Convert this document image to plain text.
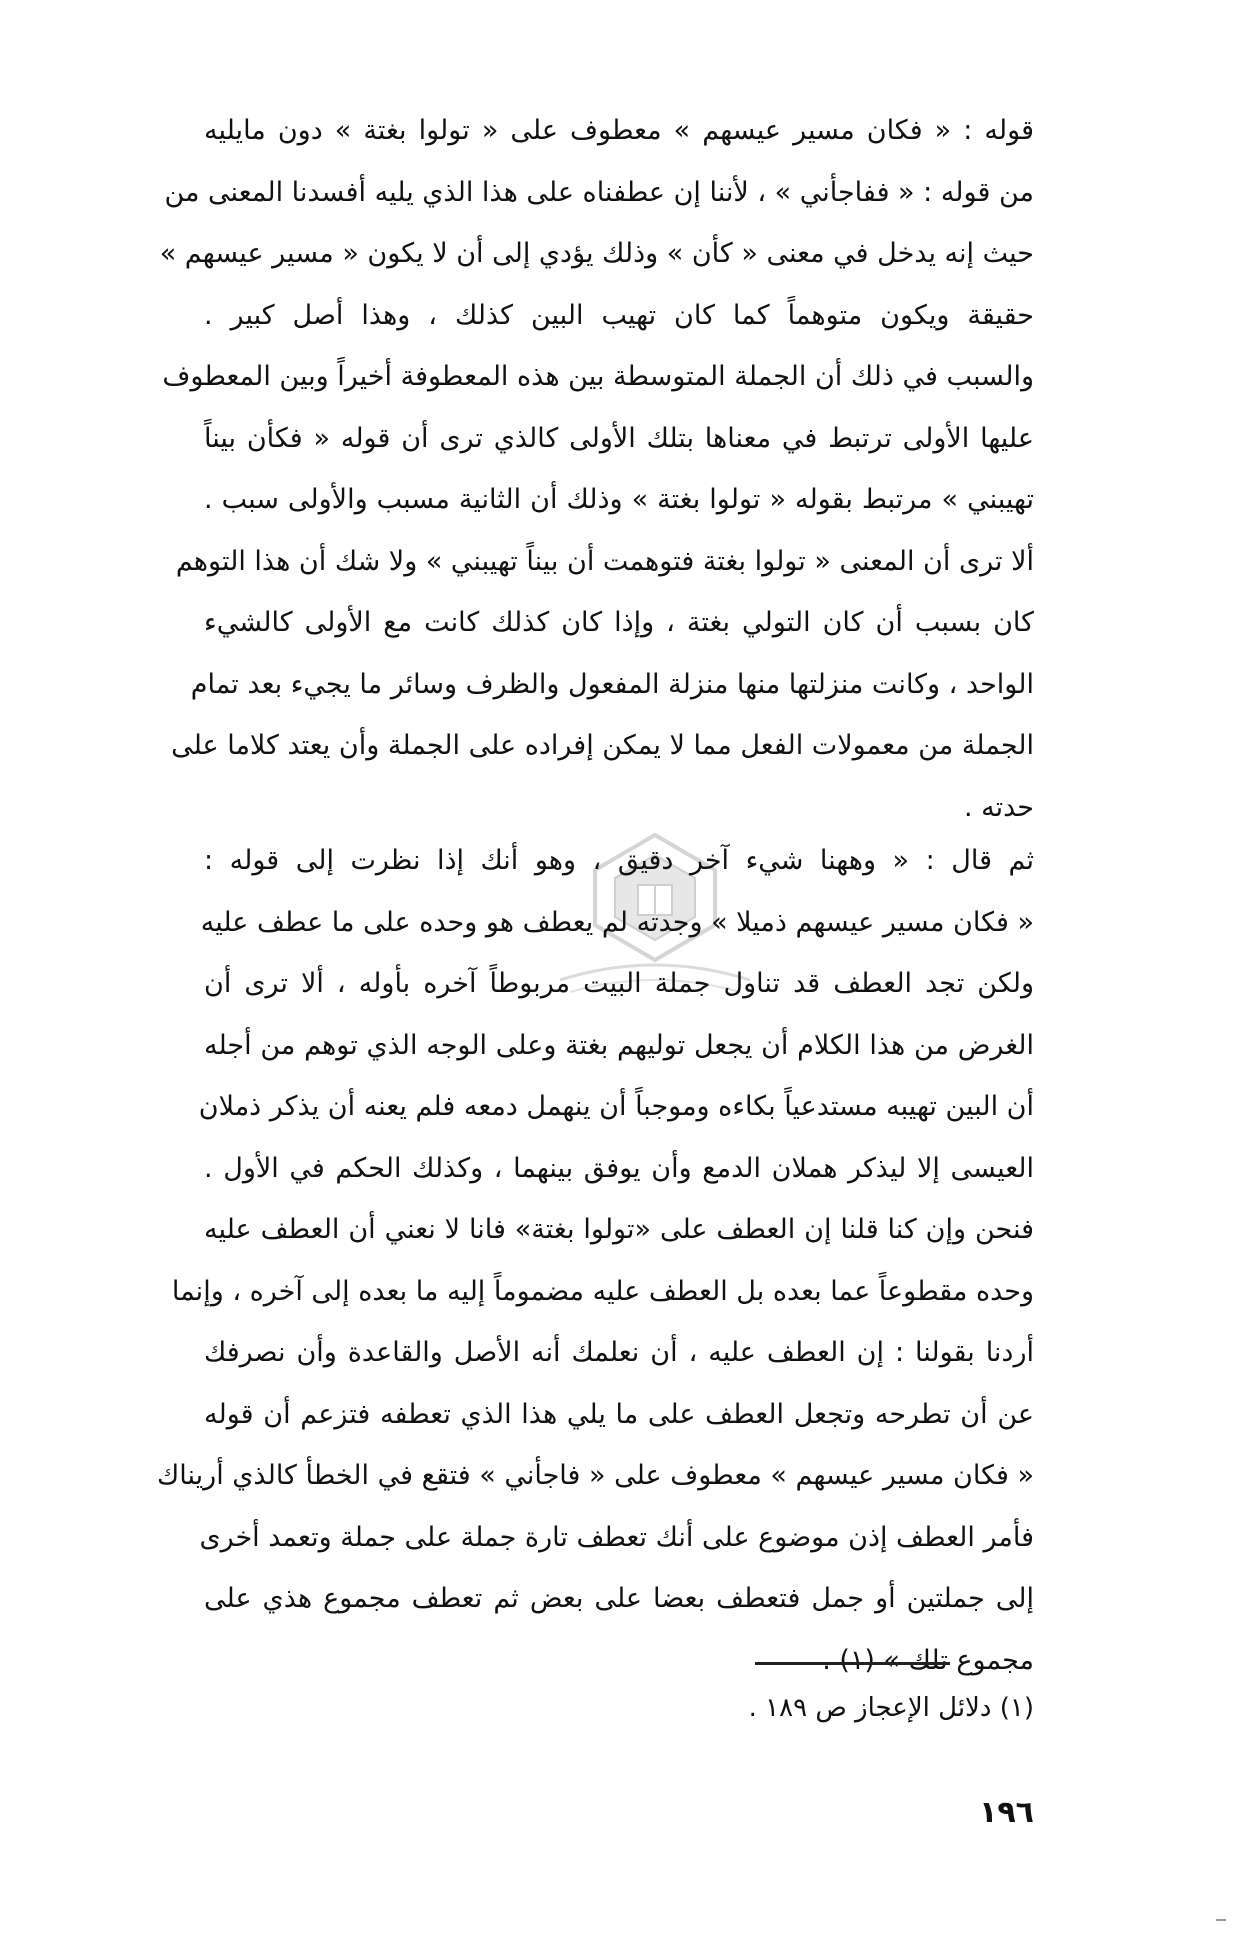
قوله : « فكان مسير عيسهم » معطوف على « تولوا بغتة » دون مايليه
من قوله : « ففاجأني » ، لأننا إن عطفناه على هذا الذي يليه أفسدنا المعنى من
حيث إنه يدخل في معنى « كأن » وذلك يؤدي إلى أن لا يكون « مسير عيسهم »
حقيقة ويكون متوهماً كما كان تهيب البين كذلك ، وهذا أصل كبير .
والسبب في ذلك أن الجملة المتوسطة بين هذه المعطوفة أخيراً وبين المعطوف
عليها الأولى ترتبط في معناها بتلك الأولى كالذي ترى أن قوله « فكأن بيناً
تهيبني » مرتبط بقوله « تولوا بغتة » وذلك أن الثانية مسبب والأولى سبب .
ألا ترى أن المعنى « تولوا بغتة فتوهمت أن بيناً تهيبني » ولا شك أن هذا التوهم
كان بسبب أن كان التولي بغتة ، وإذا كان كذلك كانت مع الأولى كالشيء
الواحد ، وكانت منزلتها منها منزلة المفعول والظرف وسائر ما يجيء بعد تمام
الجملة من معمولات الفعل مما لا يمكن إفراده على الجملة وأن يعتد كلاما على
حدته .
ثم قال : « وههنا شيء آخر دقيق ، وهو أنك إذا نظرت إلى قوله :
« فكان مسير عيسهم ذميلا » وجدته لم يعطف هو وحده على ما عطف عليه
ولكن تجد العطف قد تناول جملة البيت مربوطاً آخره بأوله ، ألا ترى أن
الغرض من هذا الكلام أن يجعل توليهم بغتة وعلى الوجه الذي توهم من أجله
أن البين تهيبه مستدعياً بكاءه وموجباً أن ينهمل دمعه فلم يعنه أن يذكر ذملان
العيسى إلا ليذكر هملان الدمع وأن يوفق بينهما ، وكذلك الحكم في الأول .
فنحن وإن كنا قلنا إن العطف على «تولوا بغتة» فانا لا نعني أن العطف عليه
وحده مقطوعاً عما بعده بل العطف عليه مضموماً إليه ما بعده إلى آخره ، وإنما
أردنا بقولنا : إن العطف عليه ، أن نعلمك أنه الأصل والقاعدة وأن نصرفك
عن أن تطرحه وتجعل العطف على ما يلي هذا الذي تعطفه فتزعم أن قوله
« فكان مسير عيسهم » معطوف على « فاجأني » فتقع في الخطأ كالذي أريناك
فأمر العطف إذن موضوع على أنك تعطف تارة جملة على جملة وتعمد أخرى
إلى جملتين أو جمل فتعطف بعضا على بعض ثم تعطف مجموع هذي على
مجموع تلك » (١) .
(١) دلائل الإعجاز ص ١٨٩ .
١٩٦
